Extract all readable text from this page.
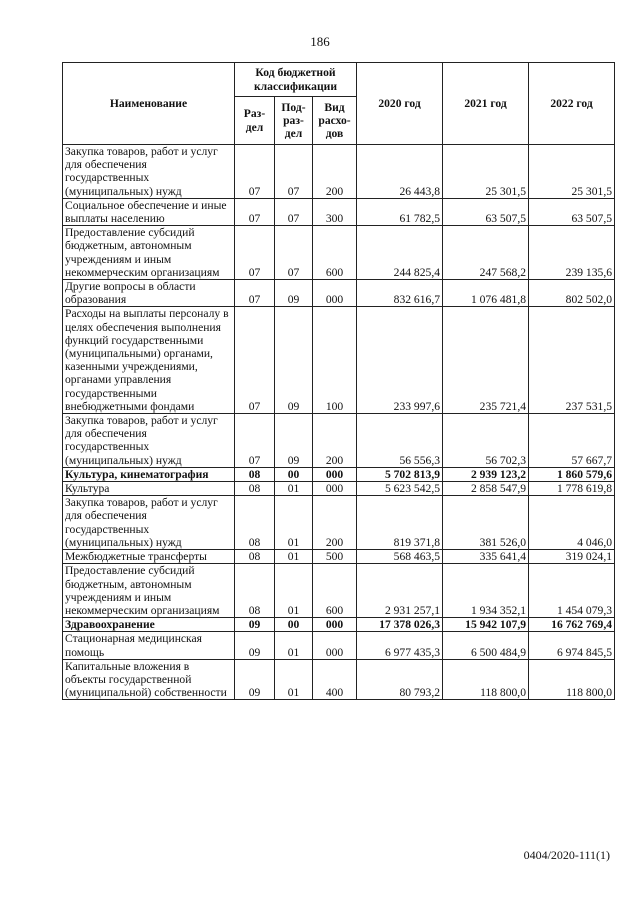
186
Наименование	Код бюджетной классификации			2020 год	2021 год	2022 год
	Раз-дел	Под-раз-дел	Вид расхо-дов			
Закупка товаров, работ и услуг для обеспечения государственных (муниципальных) нужд	07	07	200	26 443,8	25 301,5	25 301,5
Социальное обеспечение и иные выплаты населению	07	07	300	61 782,5	63 507,5	63 507,5
Предоставление субсидий бюджетным, автономным учреждениям и иным некоммерческим организациям	07	07	600	244 825,4	247 568,2	239 135,6
Другие вопросы в области образования	07	09	000	832 616,7	1 076 481,8	802 502,0
Расходы на выплаты персоналу в целях обеспечения выполнения функций государственными (муниципальными) органами, казенными учреждениями, органами управления государственными внебюджетными фондами	07	09	100	233 997,6	235 721,4	237 531,5
Закупка товаров, работ и услуг для обеспечения государственных (муниципальных) нужд	07	09	200	56 556,3	56 702,3	57 667,7
Культура, кинематография	08	00	000	5 702 813,9	2 939 123,2	1 860 579,6
Культура	08	01	000	5 623 542,5	2 858 547,9	1 778 619,8
Закупка товаров, работ и услуг для обеспечения государственных (муниципальных) нужд	08	01	200	819 371,8	381 526,0	4 046,0
Межбюджетные трансферты	08	01	500	568 463,5	335 641,4	319 024,1
Предоставление субсидий бюджетным, автономным учреждениям и иным некоммерческим организациям	08	01	600	2 931 257,1	1 934 352,1	1 454 079,3
Здравоохранение	09	00	000	17 378 026,3	15 942 107,9	16 762 769,4
Стационарная медицинская помощь	09	01	000	6 977 435,3	6 500 484,9	6 974 845,5
Капитальные вложения в объекты государственной (муниципальной) собственности	09	01	400	80 793,2	118 800,0	118 800,0
0404/2020-111(1)
